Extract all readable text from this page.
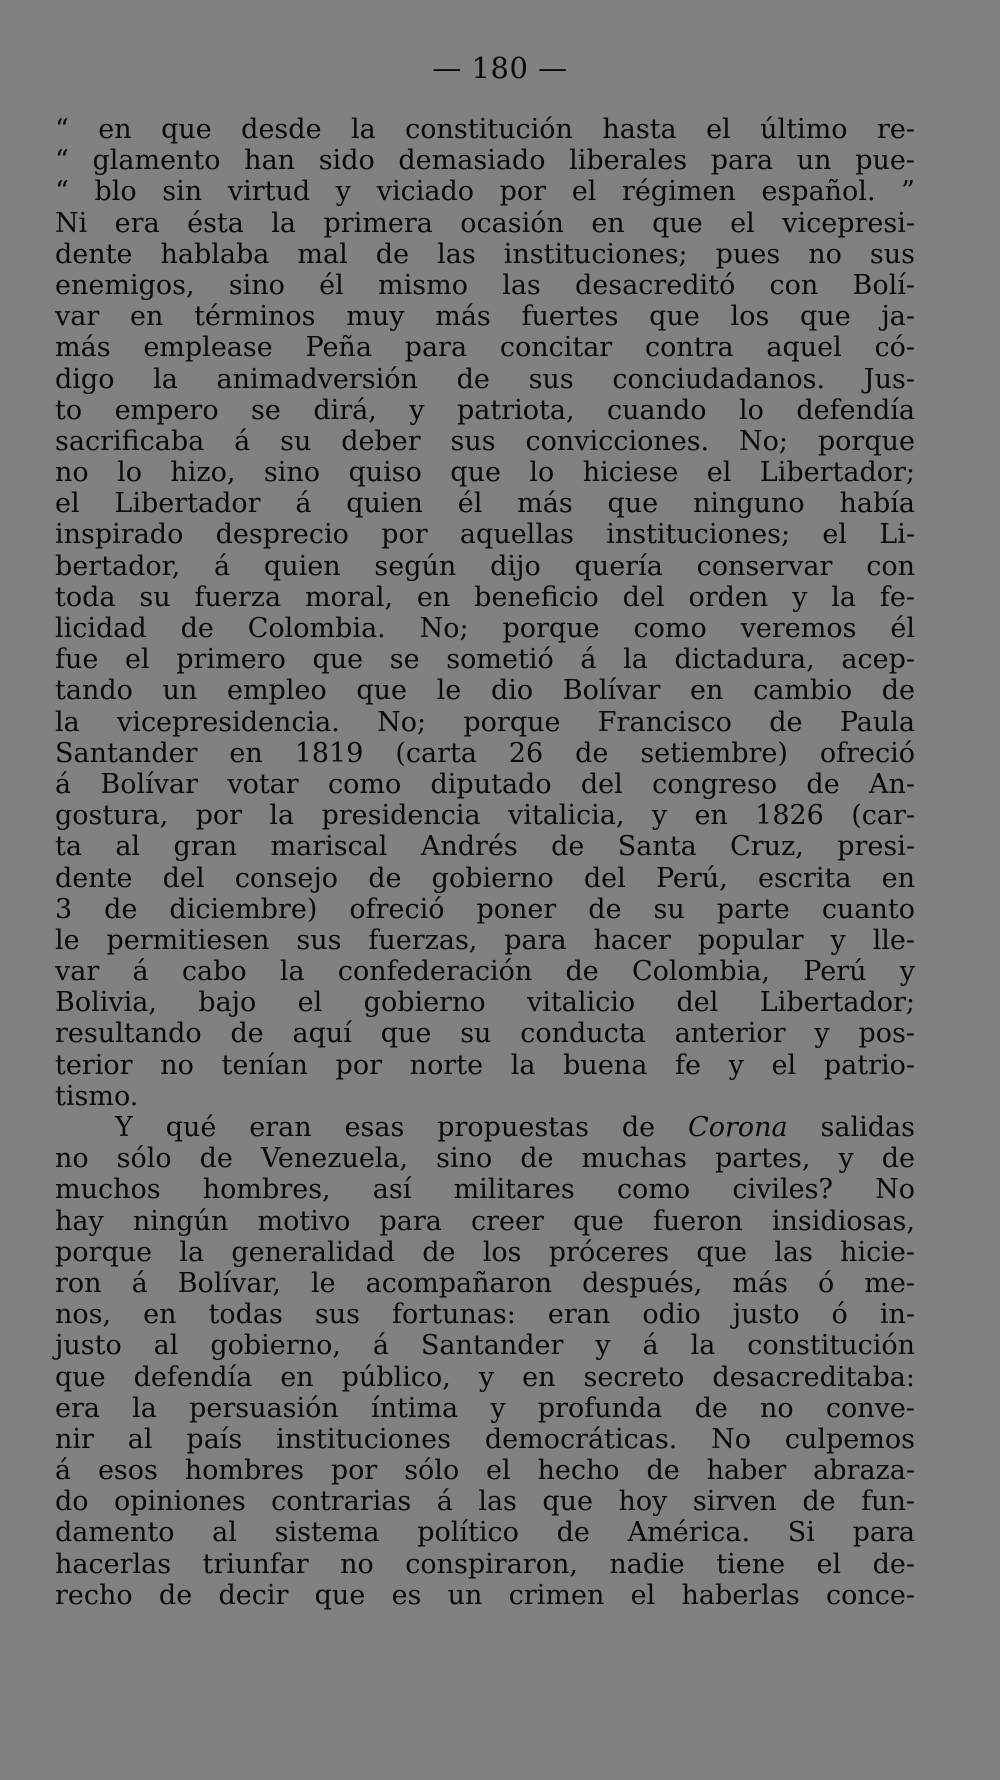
— 180 —
“ en que desde la constitución hasta el último re-
“ glamento han sido demasiado liberales para un pue-
“ blo sin virtud y viciado por el régimen español. ”
Ni era ésta la primera ocasión en que el vicepresi-
dente hablaba mal de las instituciones; pues no sus
enemigos, sino él mismo las desacreditó con Bolí-
var en términos muy más fuertes que los que ja-
más emplease Peña para concitar contra aquel có-
digo la animadversión de sus conciudadanos. Jus-
to empero se dirá, y patriota, cuando lo defendía
sacrificaba á su deber sus convicciones. No; porque
no lo hizo, sino quiso que lo hiciese el Libertador;
el Libertador á quien él más que ninguno había
inspirado desprecio por aquellas instituciones; el Li-
bertador, á quien según dijo quería conservar con
toda su fuerza moral, en beneficio del orden y la fe-
licidad de Colombia. No; porque como veremos él
fue el primero que se sometió á la dictadura, acep-
tando un empleo que le dio Bolívar en cambio de
la vicepresidencia. No; porque Francisco de Paula
Santander en 1819 (carta 26 de setiembre) ofreció
á Bolívar votar como diputado del congreso de An-
gostura, por la presidencia vitalicia, y en 1826 (car-
ta al gran mariscal Andrés de Santa Cruz, presi-
dente del consejo de gobierno del Perú, escrita en
3 de diciembre) ofreció poner de su parte cuanto
le permitiesen sus fuerzas, para hacer popular y lle-
var á cabo la confederación de Colombia, Perú y
Bolivia, bajo el gobierno vitalicio del Libertador;
resultando de aquí que su conducta anterior y pos-
terior no tenían por norte la buena fe y el patrio-
tismo.
Y qué eran esas propuestas de Corona salidas
no sólo de Venezuela, sino de muchas partes, y de
muchos hombres, así militares como civiles? No
hay ningún motivo para creer que fueron insidiosas,
porque la generalidad de los próceres que las hicie-
ron á Bolívar, le acompañaron después, más ó me-
nos, en todas sus fortunas: eran odio justo ó in-
justo al gobierno, á Santander y á la constitución
que defendía en público, y en secreto desacreditaba:
era la persuasión íntima y profunda de no conve-
nir al país instituciones democráticas. No culpemos
á esos hombres por sólo el hecho de haber abraza-
do opiniones contrarias á las que hoy sirven de fun-
damento al sistema político de América. Si para
hacerlas triunfar no conspiraron, nadie tiene el de-
recho de decir que es un crimen el haberlas conce-
